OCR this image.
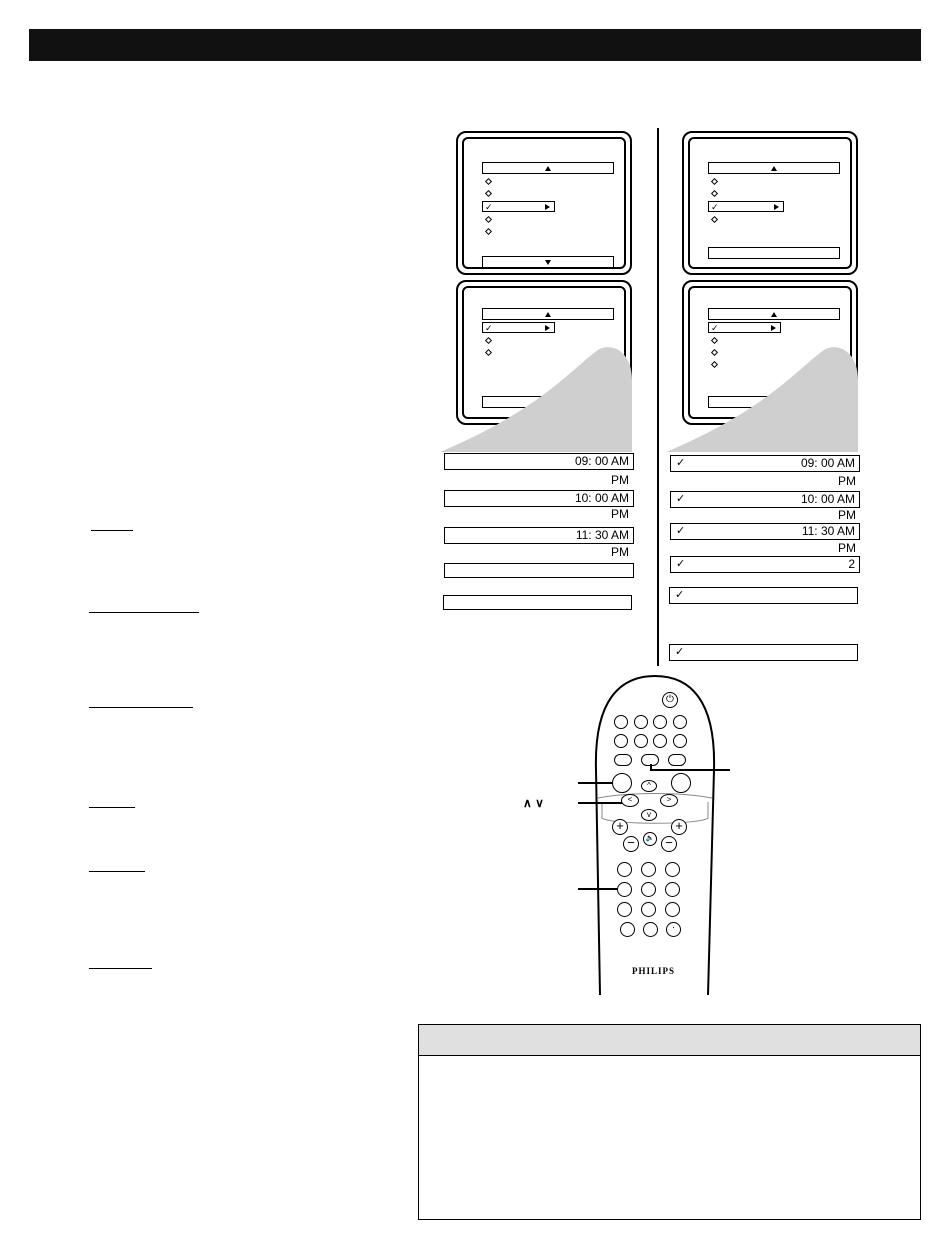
✓
✓
✓
✓
09: 00 AM
PM
10: 00 AM
PM
11: 30 AM
PM
✓	09: 00 AM
PM
✓	10: 00 AM
PM
✓	11: 30 AM
PM
✓	2
✓
✓
⏻
^
<	>
v
+
−	🔈
+
−
·
PHILIPS
∧ ∨
